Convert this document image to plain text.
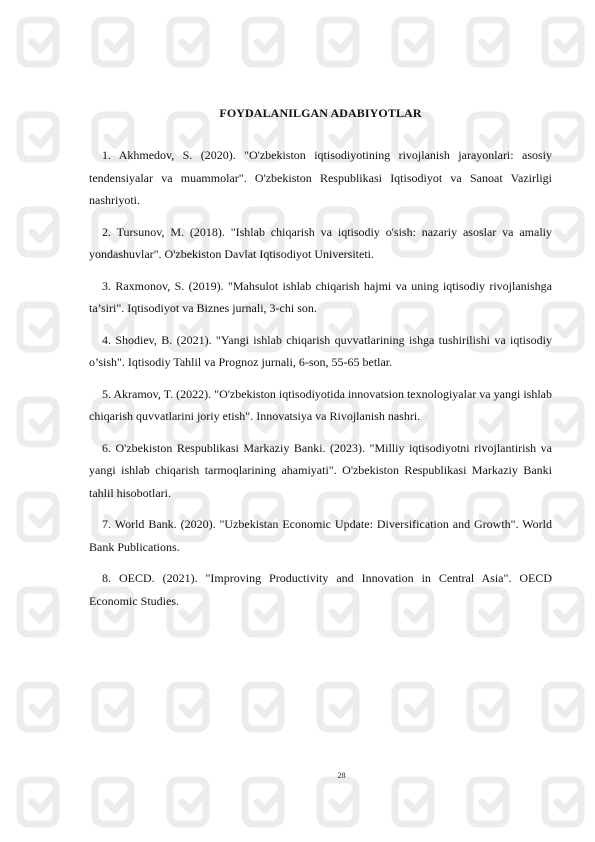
FOYDALANILGAN ADABIYOTLAR

1. Akhmedov, S. (2020). "O'zbekiston iqtisodiyotining rivojlanish jarayonlari: asosiy tendensiyalar va muammolar". O'zbekiston Respublikasi Iqtisodiyot va Sanoat Vazirligi nashriyoti.

2. Tursunov, M. (2018). "Ishlab chiqarish va iqtisodiy o'sish: nazariy asoslar va amaliy yondashuvlar". O'zbekiston Davlat Iqtisodiyot Universiteti.

3. Raxmonov, S. (2019). "Mahsulot ishlab chiqarish hajmi va uning iqtisodiy rivojlanishga ta’siri". Iqtisodiyot va Biznes jurnali, 3-chi son.

4. Shodiev, B. (2021). "Yangi ishlab chiqarish quvvatlarining ishga tushirilishi va iqtisodiy o’sish". Iqtisodiy Tahlil va Prognoz jurnali, 6-son, 55-65 betlar.

5. Akramov, T. (2022). "O'zbekiston iqtisodiyotida innovatsion texnologiyalar va yangi ishlab chiqarish quvvatlarini joriy etish". Innovatsiya va Rivojlanish nashri.

6. O'zbekiston Respublikasi Markaziy Banki. (2023). "Milliy iqtisodiyotni rivojlantirish va yangi ishlab chiqarish tarmoqlarining ahamiyati". O'zbekiston Respublikasi Markaziy Banki tahlil hisobotlari.

7. World Bank. (2020). "Uzbekistan Economic Update: Diversification and Growth". World Bank Publications.

8. OECD. (2021). "Improving Productivity and Innovation in Central Asia". OECD Economic Studies.

28
